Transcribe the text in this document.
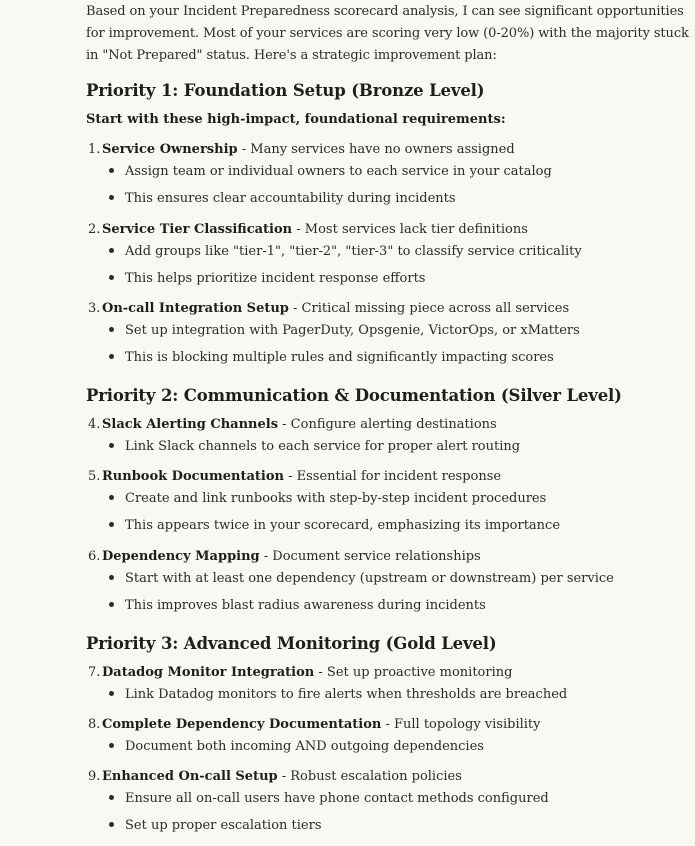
Based on your Incident Preparedness scorecard analysis, I can see significant opportunities
for improvement. Most of your services are scoring very low (0-20%) with the majority stuck
in "Not Prepared" status. Here's a strategic improvement plan:
Priority 1: Foundation Setup (Bronze Level)
Start with these high-impact, foundational requirements:
1. Service Ownership - Many services have no owners assigned
Assign team or individual owners to each service in your catalog
This ensures clear accountability during incidents
2. Service Tier Classification - Most services lack tier definitions
Add groups like "tier-1", "tier-2", "tier-3" to classify service criticality
This helps prioritize incident response efforts
3. On-call Integration Setup - Critical missing piece across all services
Set up integration with PagerDuty, Opsgenie, VictorOps, or xMatters
This is blocking multiple rules and significantly impacting scores
Priority 2: Communication & Documentation (Silver Level)
4. Slack Alerting Channels - Configure alerting destinations
Link Slack channels to each service for proper alert routing
5. Runbook Documentation - Essential for incident response
Create and link runbooks with step-by-step incident procedures
This appears twice in your scorecard, emphasizing its importance
6. Dependency Mapping - Document service relationships
Start with at least one dependency (upstream or downstream) per service
This improves blast radius awareness during incidents
Priority 3: Advanced Monitoring (Gold Level)
7. Datadog Monitor Integration - Set up proactive monitoring
Link Datadog monitors to fire alerts when thresholds are breached
8. Complete Dependency Documentation - Full topology visibility
Document both incoming AND outgoing dependencies
9. Enhanced On-call Setup - Robust escalation policies
Ensure all on-call users have phone contact methods configured
Set up proper escalation tiers
